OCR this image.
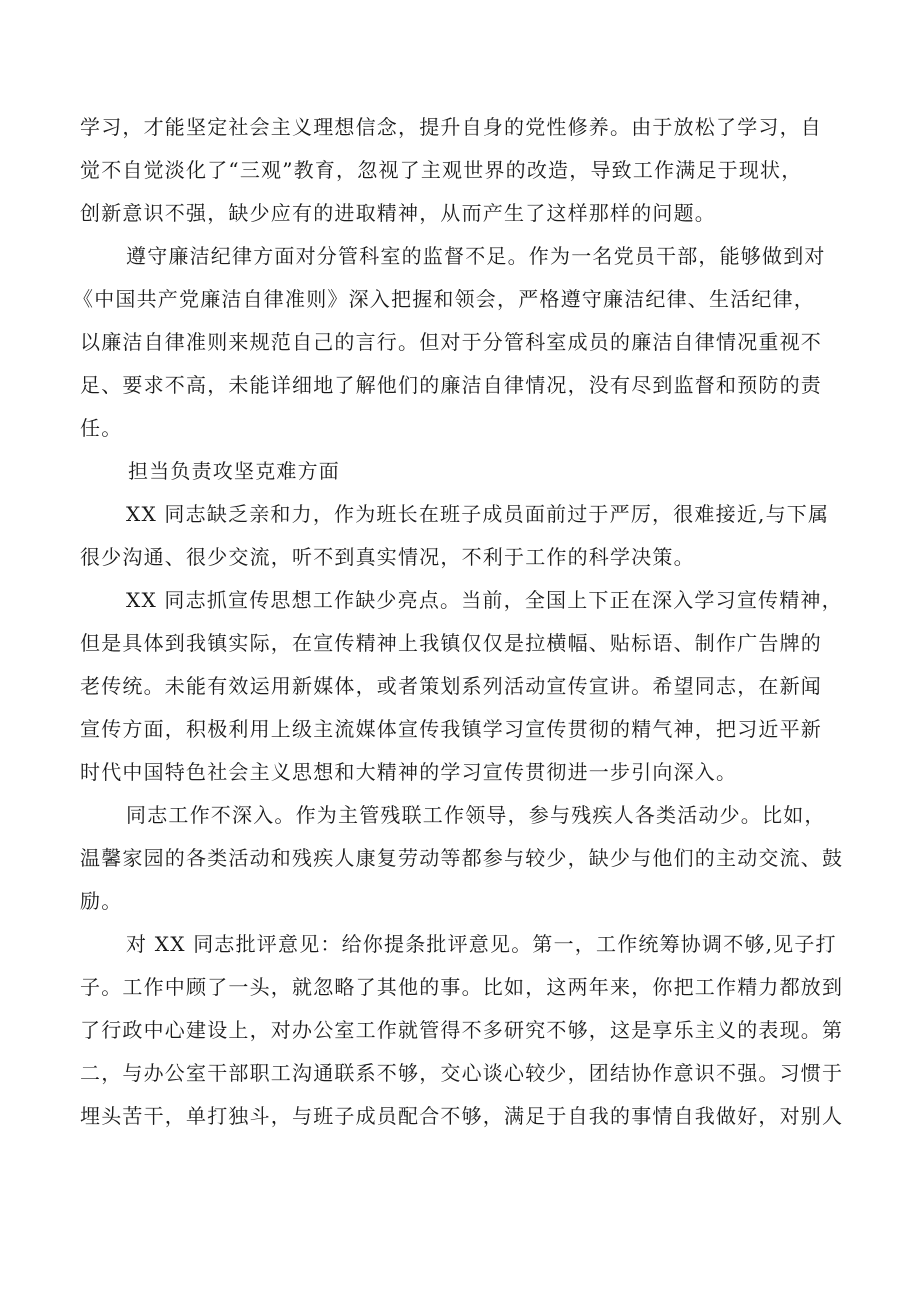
学习，才能坚定社会主义理想信念，提升自身的党性修养。由于放松了学习，自
觉不自觉淡化了“三观”教育，忽视了主观世界的改造，导致工作满足于现状，
创新意识不强，缺少应有的进取精神，从而产生了这样那样的问题。
遵守廉洁纪律方面对分管科室的监督不足。作为一名党员干部，能够做到对
《中国共产党廉洁自律准则》深入把握和领会，严格遵守廉洁纪律、生活纪律，
以廉洁自律准则来规范自己的言行。但对于分管科室成员的廉洁自律情况重视不
足、要求不高，未能详细地了解他们的廉洁自律情况，没有尽到监督和预防的责
任。
担当负责攻坚克难方面
XX 同志缺乏亲和力，作为班长在班子成员面前过于严厉，很难接近,与下属
很少沟通、很少交流，听不到真实情况，不利于工作的科学决策。
XX 同志抓宣传思想工作缺少亮点。当前，全国上下正在深入学习宣传精神，
但是具体到我镇实际，在宣传精神上我镇仅仅是拉横幅、贴标语、制作广告牌的
老传统。未能有效运用新媒体，或者策划系列活动宣传宣讲。希望同志，在新闻
宣传方面，积极利用上级主流媒体宣传我镇学习宣传贯彻的精气神，把习近平新
时代中国特色社会主义思想和大精神的学习宣传贯彻进一步引向深入。
同志工作不深入。作为主管残联工作领导，参与残疾人各类活动少。比如，
温馨家园的各类活动和残疾人康复劳动等都参与较少，缺少与他们的主动交流、鼓
励。
对 XX 同志批评意见：给你提条批评意见。第一，工作统筹协调不够,见子打
子。工作中顾了一头，就忽略了其他的事。比如，这两年来，你把工作精力都放到
了行政中心建设上，对办公室工作就管得不多研究不够，这是享乐主义的表现。第
二，与办公室干部职工沟通联系不够，交心谈心较少，团结协作意识不强。习惯于
埋头苦干，单打独斗，与班子成员配合不够，满足于自我的事情自我做好，对别人
